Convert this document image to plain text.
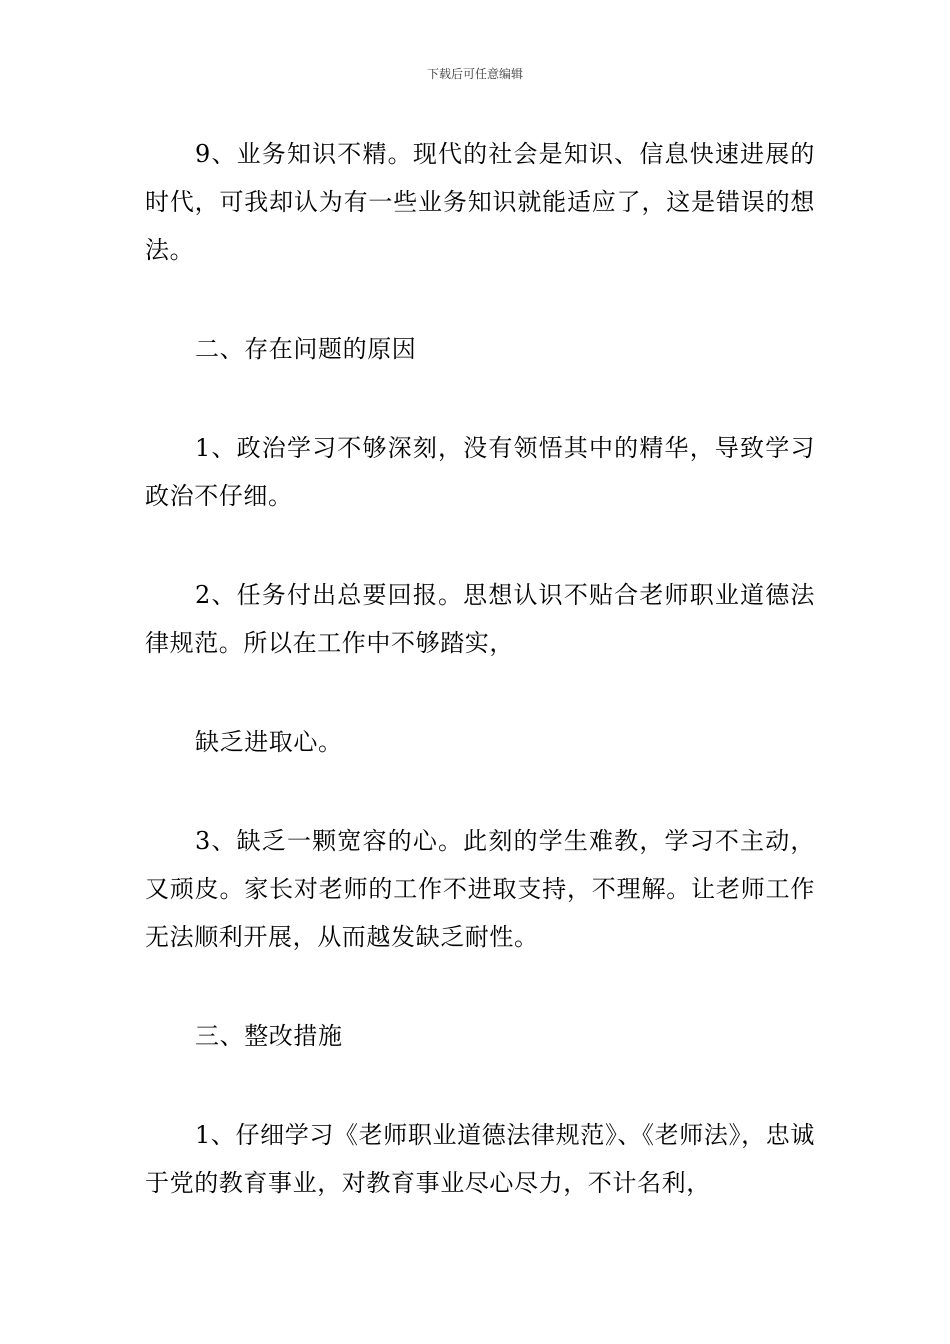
下载后可任意编辑

9、业务知识不精。现代的社会是知识、信息快速进展的时代，可我却认为有一些业务知识就能适应了，这是错误的想法。

二、存在问题的原因

1、政治学习不够深刻，没有领悟其中的精华，导致学习政治不仔细。

2、任务付出总要回报。思想认识不贴合老师职业道德法律规范。所以在工作中不够踏实，

缺乏进取心。

3、缺乏一颗宽容的心。此刻的学生难教，学习不主动，又顽皮。家长对老师的工作不进取支持，不理解。让老师工作无法顺利开展，从而越发缺乏耐性。

三、整改措施

1、仔细学习《老师职业道德法律规范》、《老师法》，忠诚于党的教育事业，对教育事业尽心尽力，不计名利，
